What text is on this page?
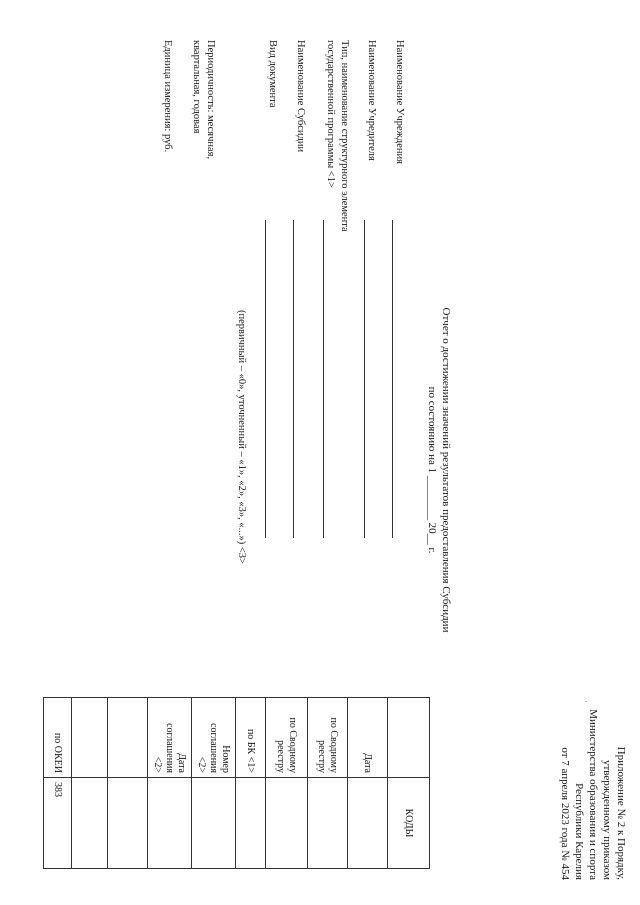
Приложение № 2 к Порядку,
утвержденному приказом
Министерства образования и спорта
Республики Карелия
от 7 апреля 2023 года № 454
·
Отчет о достижении значений результатов предоставления Субсидии
по состоянию на 1 ________ 20__ г.
Наименование Учреждения
Наименование Учредителя
Тип, наименование структурного элемента
государственной программы <1>
Наименование Субсидии
Вид документа
(первичный – «0», уточненный – «1», «2», «3», «...») <3>
Периодичность: месячная,
квартальная, годовая
Единица измерения: руб.
	КОДЫ

Дата	

по Сводному
реестру	

по Сводному
реестру	

по БК <1>	

Номер
соглашения
<2>	

Дата
соглашения
<2>	

по ОКЕИ	383
